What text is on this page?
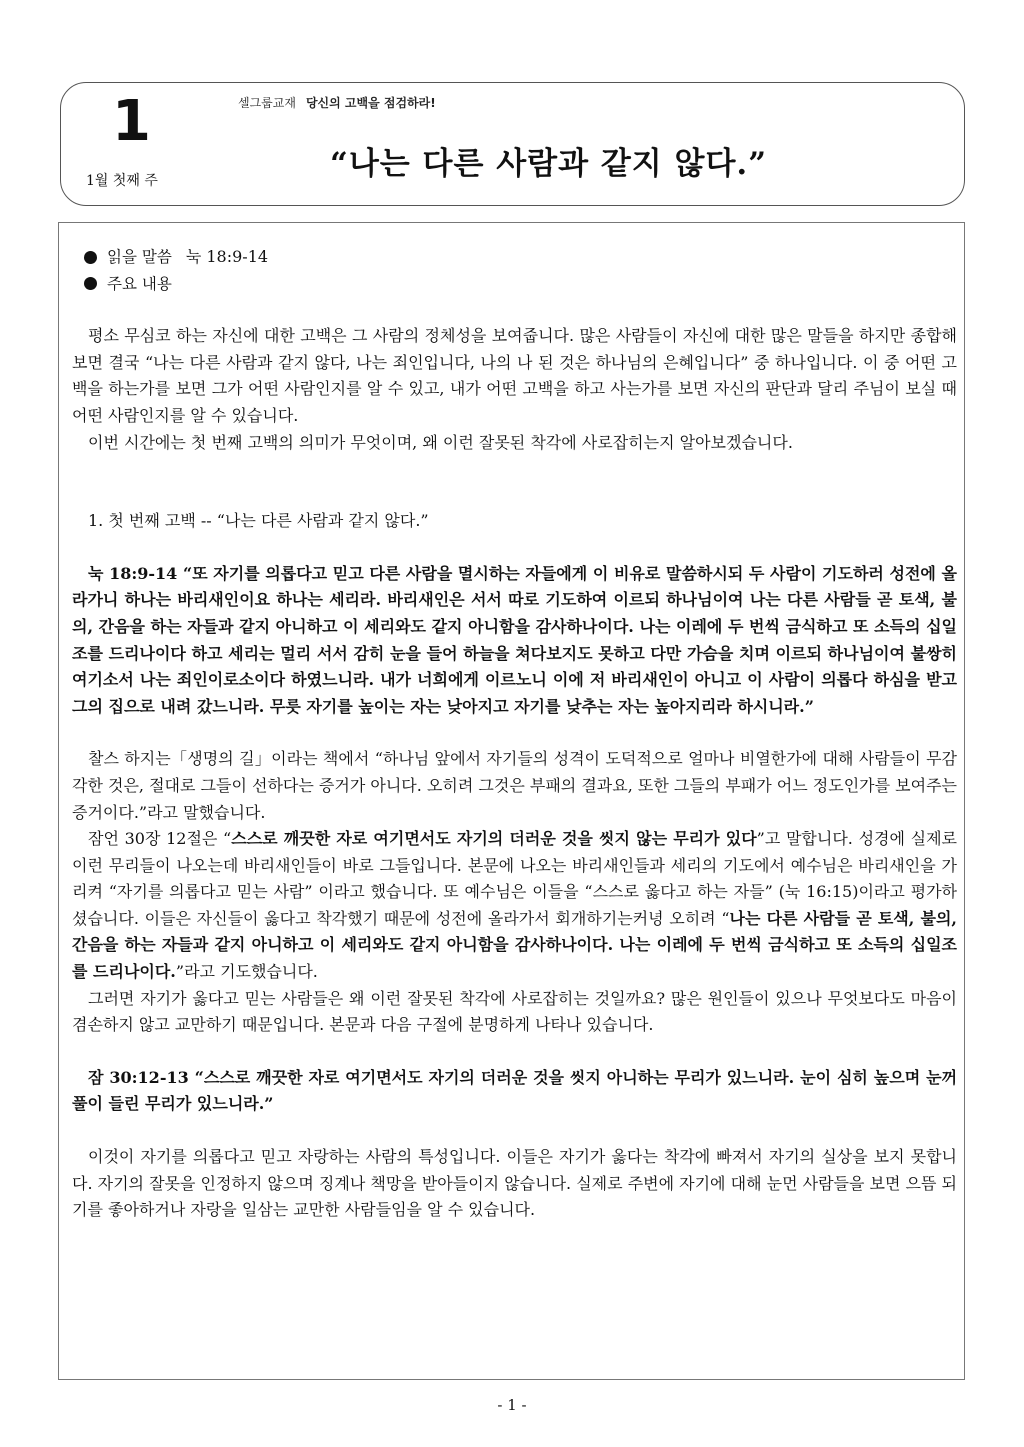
1
1월 첫째 주
셀그룹교재 당신의 고백을 점검하라!
“나는 다른 사람과 같지 않다.”
읽을 말씀 눅 18:9-14
주요 내용

평소 무심코 하는 자신에 대한 고백은 그 사람의 정체성을 보여줍니다. 많은 사람들이 자신에 대한 많은 말들을 하지만 종합해 보면 결국 “나는 다른 사람과 같지 않다, 나는 죄인입니다, 나의 나 된 것은 하나님의 은혜입니다” 중 하나입니다. 이 중 어떤 고백을 하는가를 보면 그가 어떤 사람인지를 알 수 있고, 내가 어떤 고백을 하고 사는가를 보면 자신의 판단과 달리 주님이 보실 때 어떤 사람인지를 알 수 있습니다.

이번 시간에는 첫 번째 고백의 의미가 무엇이며, 왜 이런 잘못된 착각에 사로잡히는지 알아보겠습니다.

1. 첫 번째 고백 -- “나는 다른 사람과 같지 않다.”

눅 18:9-14 “또 자기를 의롭다고 믿고 다른 사람을 멸시하는 자들에게 이 비유로 말씀하시되 두 사람이 기도하러 성전에 올라가니 하나는 바리새인이요 하나는 세리라. 바리새인은 서서 따로 기도하여 이르되 하나님이여 나는 다른 사람들 곧 토색, 불의, 간음을 하는 자들과 같지 아니하고 이 세리와도 같지 아니함을 감사하나이다. 나는 이레에 두 번씩 금식하고 또 소득의 십일조를 드리나이다 하고 세리는 멀리 서서 감히 눈을 들어 하늘을 쳐다보지도 못하고 다만 가슴을 치며 이르되 하나님이여 불쌍히 여기소서 나는 죄인이로소이다 하였느니라. 내가 너희에게 이르노니 이에 저 바리새인이 아니고 이 사람이 의롭다 하심을 받고 그의 집으로 내려 갔느니라. 무릇 자기를 높이는 자는 낮아지고 자기를 낮추는 자는 높아지리라 하시니라.”

찰스 하지는「생명의 길」이라는 책에서 “하나님 앞에서 자기들의 성격이 도덕적으로 얼마나 비열한가에 대해 사람들이 무감각한 것은, 절대로 그들이 선하다는 증거가 아니다. 오히려 그것은 부패의 결과요, 또한 그들의 부패가 어느 정도인가를 보여주는 증거이다.”라고 말했습니다.

잠언 30장 12절은 “스스로 깨끗한 자로 여기면서도 자기의 더러운 것을 씻지 않는 무리가 있다”고 말합니다. 성경에 실제로 이런 무리들이 나오는데 바리새인들이 바로 그들입니다. 본문에 나오는 바리새인들과 세리의 기도에서 예수님은 바리새인을 가리켜 “자기를 의롭다고 믿는 사람” 이라고 했습니다. 또 예수님은 이들을 “스스로 옳다고 하는 자들” (눅 16:15)이라고 평가하셨습니다. 이들은 자신들이 옳다고 착각했기 때문에 성전에 올라가서 회개하기는커녕 오히려 “나는 다른 사람들 곧 토색, 불의, 간음을 하는 자들과 같지 아니하고 이 세리와도 같지 아니함을 감사하나이다. 나는 이레에 두 번씩 금식하고 또 소득의 십일조를 드리나이다.”라고 기도했습니다.

그러면 자기가 옳다고 믿는 사람들은 왜 이런 잘못된 착각에 사로잡히는 것일까요? 많은 원인들이 있으나 무엇보다도 마음이 겸손하지 않고 교만하기 때문입니다. 본문과 다음 구절에 분명하게 나타나 있습니다.

잠 30:12-13 “스스로 깨끗한 자로 여기면서도 자기의 더러운 것을 씻지 아니하는 무리가 있느니라. 눈이 심히 높으며 눈꺼풀이 들린 무리가 있느니라.”

이것이 자기를 의롭다고 믿고 자랑하는 사람의 특성입니다. 이들은 자기가 옳다는 착각에 빠져서 자기의 실상을 보지 못합니다. 자기의 잘못을 인정하지 않으며 징계나 책망을 받아들이지 않습니다. 실제로 주변에 자기에 대해 눈먼 사람들을 보면 으뜸 되기를 좋아하거나 자랑을 일삼는 교만한 사람들임을 알 수 있습니다.

- 1 -
